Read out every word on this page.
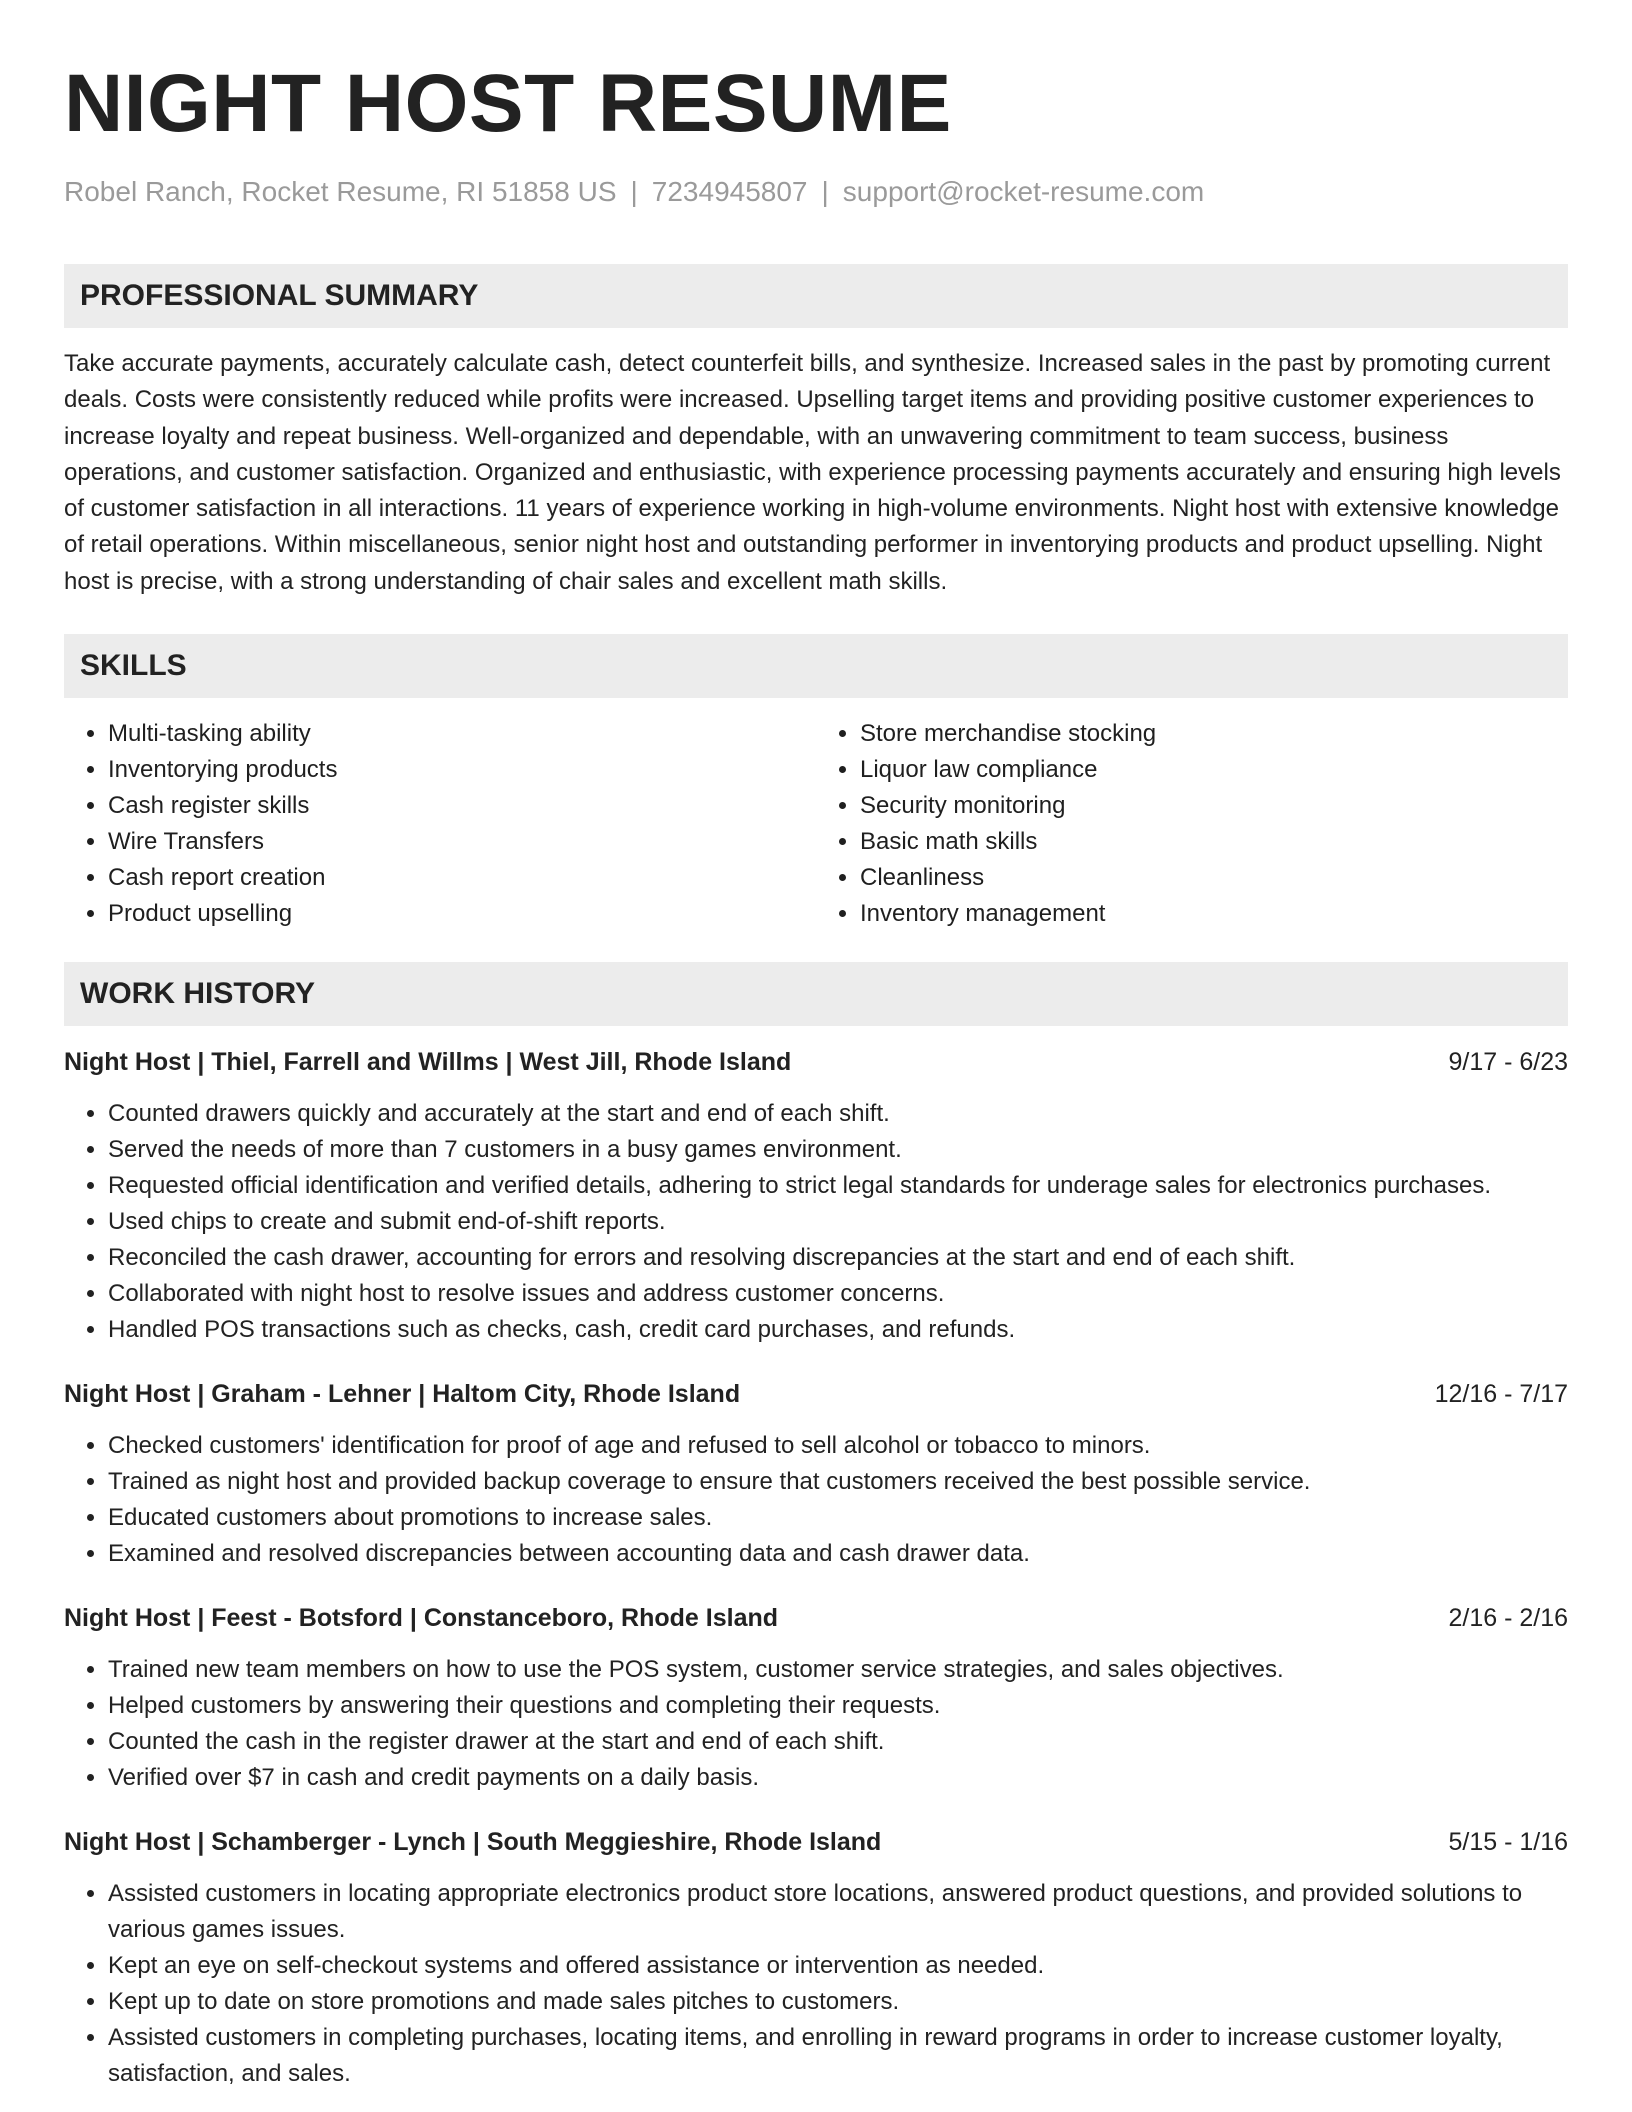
NIGHT HOST RESUME
Robel Ranch, Rocket Resume, RI 51858 US | 7234945807 | support@rocket-resume.com
PROFESSIONAL SUMMARY
Take accurate payments, accurately calculate cash, detect counterfeit bills, and synthesize. Increased sales in the past by promoting current deals. Costs were consistently reduced while profits were increased. Upselling target items and providing positive customer experiences to increase loyalty and repeat business. Well-organized and dependable, with an unwavering commitment to team success, business operations, and customer satisfaction. Organized and enthusiastic, with experience processing payments accurately and ensuring high levels of customer satisfaction in all interactions. 11 years of experience working in high-volume environments. Night host with extensive knowledge of retail operations. Within miscellaneous, senior night host and outstanding performer in inventorying products and product upselling. Night host is precise, with a strong understanding of chair sales and excellent math skills.
SKILLS
• Multi-tasking ability
• Inventorying products
• Cash register skills
• Wire Transfers
• Cash report creation
• Product upselling
• Store merchandise stocking
• Liquor law compliance
• Security monitoring
• Basic math skills
• Cleanliness
• Inventory management
WORK HISTORY
Night Host | Thiel, Farrell and Willms | West Jill, Rhode Island	9/17 - 6/23
• Counted drawers quickly and accurately at the start and end of each shift.
• Served the needs of more than 7 customers in a busy games environment.
• Requested official identification and verified details, adhering to strict legal standards for underage sales for electronics purchases.
• Used chips to create and submit end-of-shift reports.
• Reconciled the cash drawer, accounting for errors and resolving discrepancies at the start and end of each shift.
• Collaborated with night host to resolve issues and address customer concerns.
• Handled POS transactions such as checks, cash, credit card purchases, and refunds.
Night Host | Graham - Lehner | Haltom City, Rhode Island	12/16 - 7/17
• Checked customers' identification for proof of age and refused to sell alcohol or tobacco to minors.
• Trained as night host and provided backup coverage to ensure that customers received the best possible service.
• Educated customers about promotions to increase sales.
• Examined and resolved discrepancies between accounting data and cash drawer data.
Night Host | Feest - Botsford | Constanceboro, Rhode Island	2/16 - 2/16
• Trained new team members on how to use the POS system, customer service strategies, and sales objectives.
• Helped customers by answering their questions and completing their requests.
• Counted the cash in the register drawer at the start and end of each shift.
• Verified over $7 in cash and credit payments on a daily basis.
Night Host | Schamberger - Lynch | South Meggieshire, Rhode Island	5/15 - 1/16
• Assisted customers in locating appropriate electronics product store locations, answered product questions, and provided solutions to various games issues.
• Kept an eye on self-checkout systems and offered assistance or intervention as needed.
• Kept up to date on store promotions and made sales pitches to customers.
• Assisted customers in completing purchases, locating items, and enrolling in reward programs in order to increase customer loyalty, satisfaction, and sales.
